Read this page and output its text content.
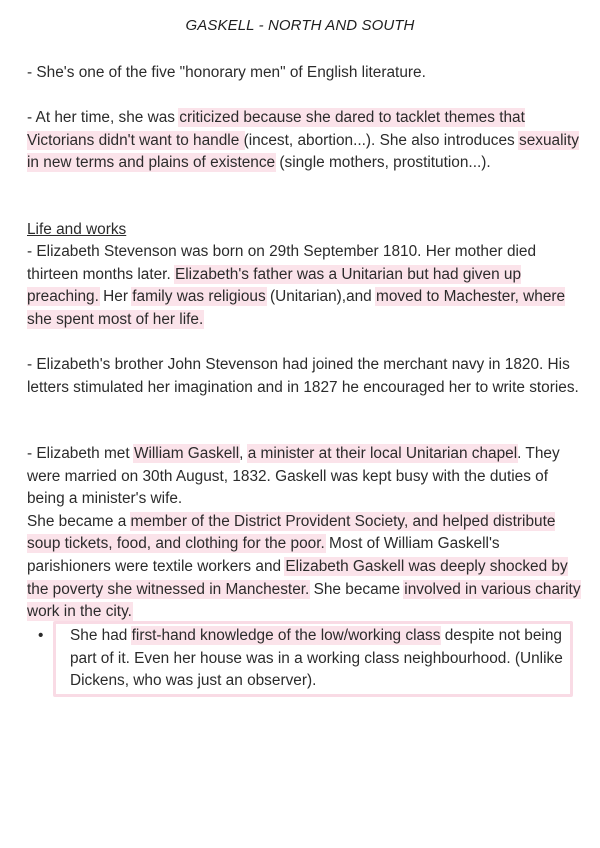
GASKELL - NORTH AND SOUTH
- She's one of the five "honorary men" of English literature.
- At her time, she was criticized because she dared to tacklet themes that Victorians didn't want to handle (incest, abortion...). She also introduces sexuality in new terms and plains of existence (single mothers, prostitution...).
Life and works
- Elizabeth Stevenson was born on 29th September 1810. Her mother died thirteen months later. Elizabeth's father was a Unitarian but had given up preaching. Her family was religious (Unitarian),and moved to Machester, where she spent most of her life.
- Elizabeth's brother John Stevenson had joined the merchant navy in 1820. His letters stimulated her imagination and in 1827 he encouraged her to write stories.
- Elizabeth met William Gaskell, a minister at their local Unitarian chapel. They were married on 30th August, 1832. Gaskell was kept busy with the duties of being a minister's wife.
She became a member of the District Provident Society, and helped distribute soup tickets, food, and clothing for the poor. Most of William Gaskell's parishioners were textile workers and Elizabeth Gaskell was deeply shocked by the poverty she witnessed in Manchester. She became involved in various charity work in the city.
• She had first-hand knowledge of the low/working class despite not being part of it. Even her house was in a working class neighbourhood. (Unlike Dickens, who was just an observer).
